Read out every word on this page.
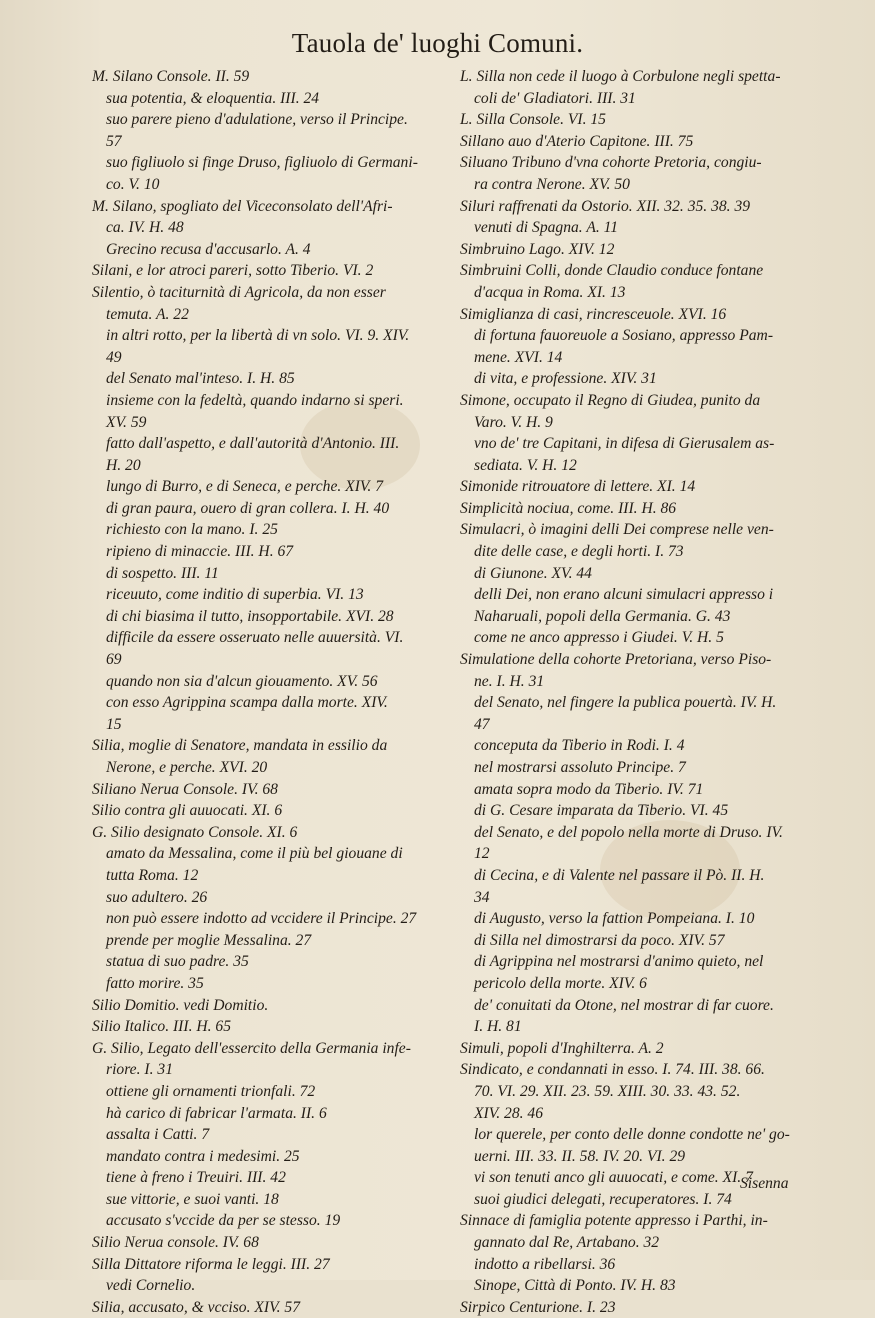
Tauola de' luoghi Comuni.
M. Silano Console. II. 59
sua potentia, & eloquentia. III. 24
suo parere pieno d'adulatione, verso il Principe.
57
suo figliuolo si finge Druso, figliuolo di Germani-
co. V. 10
M. Silano, spogliato del Viceconsolato dell'Afri-
ca. IV. H. 48
Grecino recusa d'accusarlo. A. 4
Silani, e lor atroci pareri, sotto Tiberio. VI. 2
Silentio, ò taciturnità di Agricola, da non esser
temuta. A. 22
in altri rotto, per la libertà di vn solo. VI. 9. XIV.
49
del Senato mal'inteso. I. H. 85
insieme con la fedeltà, quando indarno si speri.
XV. 59
fatto dall'aspetto, e dall'autorità d'Antonio. III.
H. 20
lungo di Burro, e di Seneca, e perche. XIV. 7
di gran paura, ouero di gran collera. I. H. 40
richiesto con la mano. I. 25
ripieno di minaccie. III. H. 67
di sospetto. III. 11
riceuuto, come inditio di superbia. VI. 13
di chi biasima il tutto, insopportabile. XVI. 28
difficile da essere osseruato nelle auuersità. VI.
69
quando non sia d'alcun giouamento. XV. 56
con esso Agrippina scampa dalla morte. XIV.
15
Silia, moglie di Senatore, mandata in essilio da
Nerone, e perche. XVI. 20
Siliano Nerua Console. IV. 68
Silio contra gli auuocati. XI. 6
G. Silio designato Console. XI. 6
amato da Messalina, come il più bel giouane di
tutta Roma. 12
suo adultero. 26
non può essere indotto ad vccidere il Principe. 27
prende per moglie Messalina. 27
statua di suo padre. 35
fatto morire. 35
Silio Domitio. vedi Domitio.
Silio Italico. III. H. 65
G. Silio, Legato dell'essercito della Germania infe-
riore. I. 31
ottiene gli ornamenti trionfali. 72
hà carico di fabricar l'armata. II. 6
assalta i Catti. 7
mandato contra i medesimi. 25
tiene à freno i Treuiri. III. 42
sue vittorie, e suoi vanti. 18
accusato s'vccide da per se stesso. 19
Silio Nerua console. IV. 68
Silla Dittatore riforma le leggi. III. 27
vedi Cornelio.
Silia, accusato, & vcciso. XIV. 57
L. Silla non cede il luogo à Corbulone negli spetta-
coli de' Gladiatori. III. 31
L. Silla Console. VI. 15
Sillano auo d'Aterio Capitone. III. 75
Siluano Tribuno d'vna cohorte Pretoria, congiu-
ra contra Nerone. XV. 50
Siluri raffrenati da Ostorio. XII. 32. 35. 38. 39
venuti di Spagna. A. 11
Simbruino Lago. XIV. 12
Simbruini Colli, donde Claudio conduce fontane
d'acqua in Roma. XI. 13
Simiglianza di casi, rincresceuole. XVI. 16
di fortuna fauoreuole a Sosiano, appresso Pam-
mene. XVI. 14
di vita, e professione. XIV. 31
Simone, occupato il Regno di Giudea, punito da
Varo. V. H. 9
vno de' tre Capitani, in difesa di Gierusalem as-
sediata. V. H. 12
Simonide ritrouatore di lettere. XI. 14
Simplicità nociua, come. III. H. 86
Simulacri, ò imagini delli Dei comprese nelle ven-
dite delle case, e degli horti. I. 73
di Giunone. XV. 44
delli Dei, non erano alcuni simulacri appresso i
Naharuali, popoli della Germania. G. 43
come ne anco appresso i Giudei. V. H. 5
Simulatione della cohorte Pretoriana, verso Piso-
ne. I. H. 31
del Senato, nel fingere la publica pouertà. IV. H.
47
conceputa da Tiberio in Rodi. I. 4
nel mostrarsi assoluto Principe. 7
amata sopra modo da Tiberio. IV. 71
di G. Cesare imparata da Tiberio. VI. 45
del Senato, e del popolo nella morte di Druso. IV.
12
di Cecina, e di Valente nel passare il Pò. II. H.
34
di Augusto, verso la fattion Pompeiana. I. 10
di Silla nel dimostrarsi da poco. XIV. 57
di Agrippina nel mostrarsi d'animo quieto, nel
pericolo della morte. XIV. 6
de' conuitati da Otone, nel mostrar di far cuore.
I. H. 81
Simuli, popoli d'Inghilterra. A. 2
Sindicato, e condannati in esso. I. 74. III. 38. 66.
70. VI. 29. XII. 23. 59. XIII. 30. 33. 43. 52.
XIV. 28. 46
lor querele, per conto delle donne condotte ne' go-
uerni. III. 33. II. 58. IV. 20. VI. 29
vi son tenuti anco gli auuocati, e come. XI. 7
suoi giudici delegati, recuperatores. I. 74
Sinnace di famiglia potente appresso i Parthi, in-
gannato dal Re, Artabano. 32
indotto a ribellarsi. 36
Sinope, Città di Ponto. IV. H. 83
Sirpico Centurione. I. 23
Sisenna
